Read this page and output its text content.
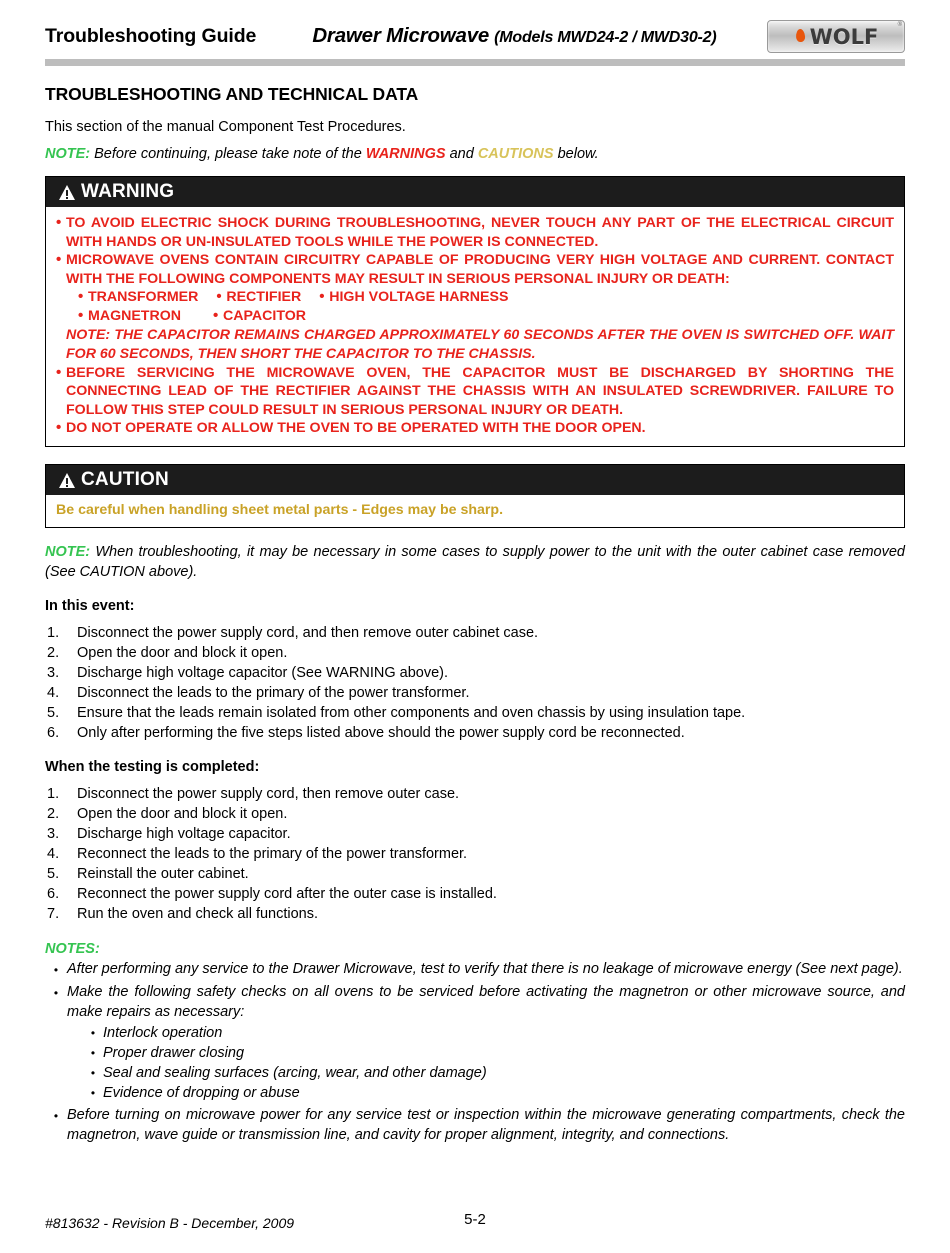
Troubleshooting Guide	Drawer Microwave (Models MWD24-2 / MWD30-2)	WOLF	®
TROUBLESHOOTING AND TECHNICAL DATA
This section of the manual Component Test Procedures.
NOTE: Before continuing, please take note of the WARNINGS and CAUTIONS below.
WARNING
• TO AVOID ELECTRIC SHOCK DURING TROUBLESHOOTING, NEVER TOUCH ANY PART OF THE ELECTRICAL CIRCUIT WITH HANDS OR UN-INSULATED TOOLS WHILE THE POWER IS CONNECTED.
• MICROWAVE OVENS CONTAIN CIRCUITRY CAPABLE OF PRODUCING VERY HIGH VOLTAGE AND CURRENT. CONTACT WITH THE FOLLOWING COMPONENTS MAY RESULT IN SERIOUS PERSONAL INJURY OR DEATH:
• TRANSFORMER • RECTIFIER • HIGH VOLTAGE HARNESS
• MAGNETRON	• CAPACITOR
NOTE: THE CAPACITOR REMAINS CHARGED APPROXIMATELY 60 SECONDS AFTER THE OVEN IS SWITCHED OFF. WAIT FOR 60 SECONDS, THEN SHORT THE CAPACITOR TO THE CHASSIS.
• BEFORE SERVICING THE MICROWAVE OVEN, THE CAPACITOR MUST BE DISCHARGED BY SHORTING THE CONNECTING LEAD OF THE RECTIFIER AGAINST THE CHASSIS WITH AN INSULATED SCREWDRIVER. FAILURE TO FOLLOW THIS STEP COULD RESULT IN SERIOUS PERSONAL INJURY OR DEATH.
• DO NOT OPERATE OR ALLOW THE OVEN TO BE OPERATED WITH THE DOOR OPEN.
CAUTION
Be careful when handling sheet metal parts - Edges may be sharp.
NOTE: When troubleshooting, it may be necessary in some cases to supply power to the unit with the outer cabinet case removed (See CAUTION above).
In this event:
1.	Disconnect the power supply cord, and then remove outer cabinet case.
2.	Open the door and block it open.
3.	Discharge high voltage capacitor (See WARNING above).
4.	Disconnect the leads to the primary of the power transformer.
5.	Ensure that the leads remain isolated from other components and oven chassis by using insulation tape.
6.	Only after performing the five steps listed above should the power supply cord be reconnected.
When the testing is completed:
1.	Disconnect the power supply cord, then remove outer case.
2.	Open the door and block it open.
3.	Discharge high voltage capacitor.
4.	Reconnect the leads to the primary of the power transformer.
5.	Reinstall the outer cabinet.
6.	Reconnect the power supply cord after the outer case is installed.
7.	Run the oven and check all functions.
NOTES:
• After performing any service to the Drawer Microwave, test to verify that there is no leakage of microwave energy (See next page).
• Make the following safety checks on all ovens to be serviced before activating the magnetron or other microwave source, and make repairs as necessary:
• Interlock operation
• Proper drawer closing
• Seal and sealing surfaces (arcing, wear, and other damage)
• Evidence of dropping or abuse
• Before turning on microwave power for any service test or inspection within the microwave generating compartments, check the magnetron, wave guide or transmission line, and cavity for proper alignment, integrity, and connections.
#813632 - Revision B - December, 2009	5-2
